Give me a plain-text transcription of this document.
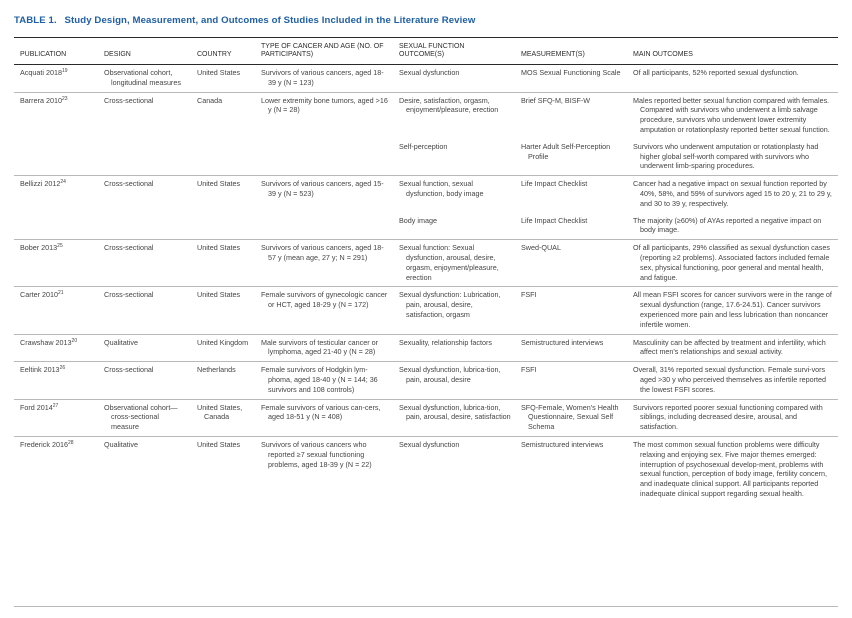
TABLE 1. Study Design, Measurement, and Outcomes of Studies Included in the Literature Review
PUBLICATION	DESIGN	COUNTRY	TYPE OF CANCER AND AGE (NO. OF PARTICIPANTS)	SEXUAL FUNCTION OUTCOME(S)	MEASUREMENT(S)	MAIN OUTCOMES
Acquati 2018$^{19}$	Observational cohort, longitudinal measures	United States	Survivors of various cancers, aged 18-39 y (N = 123)	Sexual dysfunction	MOS Sexual Functioning Scale	Of all participants, 52% reported sexual dysfunction.

Barrera 2010$^{23}$	Cross-sectional	Canada	Lower extremity bone tumors, aged >16 y (N = 28)	Desire, satisfaction, orgasm, enjoyment/pleasure, erection	Brief SFQ-M, BISF-W	Males reported better sexual function compared with females. Compared with survivors who underwent a limb salvage procedure, survivors who underwent lower extremity amputation or rotationplasty reported better sexual function.

				Self-perception	Harter Adult Self-Perception Profile	Survivors who underwent amputation or rotationplasty had higher global self-worth compared with survivors who underwent limb-sparing procedures.

Bellizzi 2012$^{24}$	Cross-sectional	United States	Survivors of various cancers, aged 15-39 y (N = 523)	Sexual function, sexual dysfunction, body image	Life Impact Checklist	Cancer had a negative impact on sexual function reported by 40%, 58%, and 59% of survivors aged 15 to 20 y, 21 to 29 y, and 30 to 39 y, respectively.

				Body image	Life Impact Checklist	The majority (≥60%) of AYAs reported a negative impact on body image.

Bober 2013$^{25}$	Cross-sectional	United States	Survivors of various cancers, aged 18-57 y (mean age, 27 y; N = 291)	Sexual function: Sexual dysfunction, arousal, desire, orgasm, enjoyment/pleasure, erection	Swed-QUAL	Of all participants, 29% classified as sexual dysfunction cases (reporting ≥2 problems). Associated factors included female sex, physical functioning, poor general and mental health, and fatigue.

Carter 2010$^{21}$	Cross-sectional	United States	Female survivors of gynecologic cancer or HCT, aged 18-29 y (N = 172)	Sexual dysfunction: Lubrication, pain, arousal, desire, satisfaction, orgasm	FSFI	All mean FSFI scores for cancer survivors were in the range of sexual dysfunction (range, 17.6-24.51). Cancer survivors experienced more pain and less lubrication than noncancer infertile women.

Crawshaw 2013$^{20}$	Qualitative	United Kingdom	Male survivors of testicular cancer or lymphoma, aged 21-40 y (N = 28)	Sexuality, relationship factors	Semistructured interviews	Masculinity can be affected by treatment and infertility, which affect men's relationships and sexual activity.

Eeltink 2013$^{26}$	Cross-sectional	Netherlands	Female survivors of Hodgkin lym-phoma, aged 18-40 y (N = 144; 36 survivors and 108 controls)	Sexual dysfunction, lubrica-tion, pain, arousal, desire	FSFI	Overall, 31% reported sexual dysfunction. Female survi-vors aged >30 y who perceived themselves as infertile reported the lowest FSFI scores.

Ford 2014$^{27}$	Observational cohort—cross-sectional measure	United States, Canada	Female survivors of various can-cers, aged 18-51 y (N = 408)	Sexual dysfunction, lubrica-tion, pain, arousal, desire, satisfaction	SFQ-Female, Women's Health Questionnaire, Sexual Self Schema	Survivors reported poorer sexual functioning compared with siblings, including decreased desire, arousal, and satisfaction.

Frederick 2016$^{28}$	Qualitative	United States	Survivors of various cancers who reported ≥7 sexual functioning problems, aged 18-39 y (N = 22)	Sexual dysfunction	Semistructured interviews	The most common sexual function problems were difficulty relaxing and enjoying sex. Five major themes emerged: interruption of psychosexual develop-ment, problems with sexual function, perception of body image, fertility concern, and inadequate clinical support. All participants reported inadequate clinical support regarding sexual health.
